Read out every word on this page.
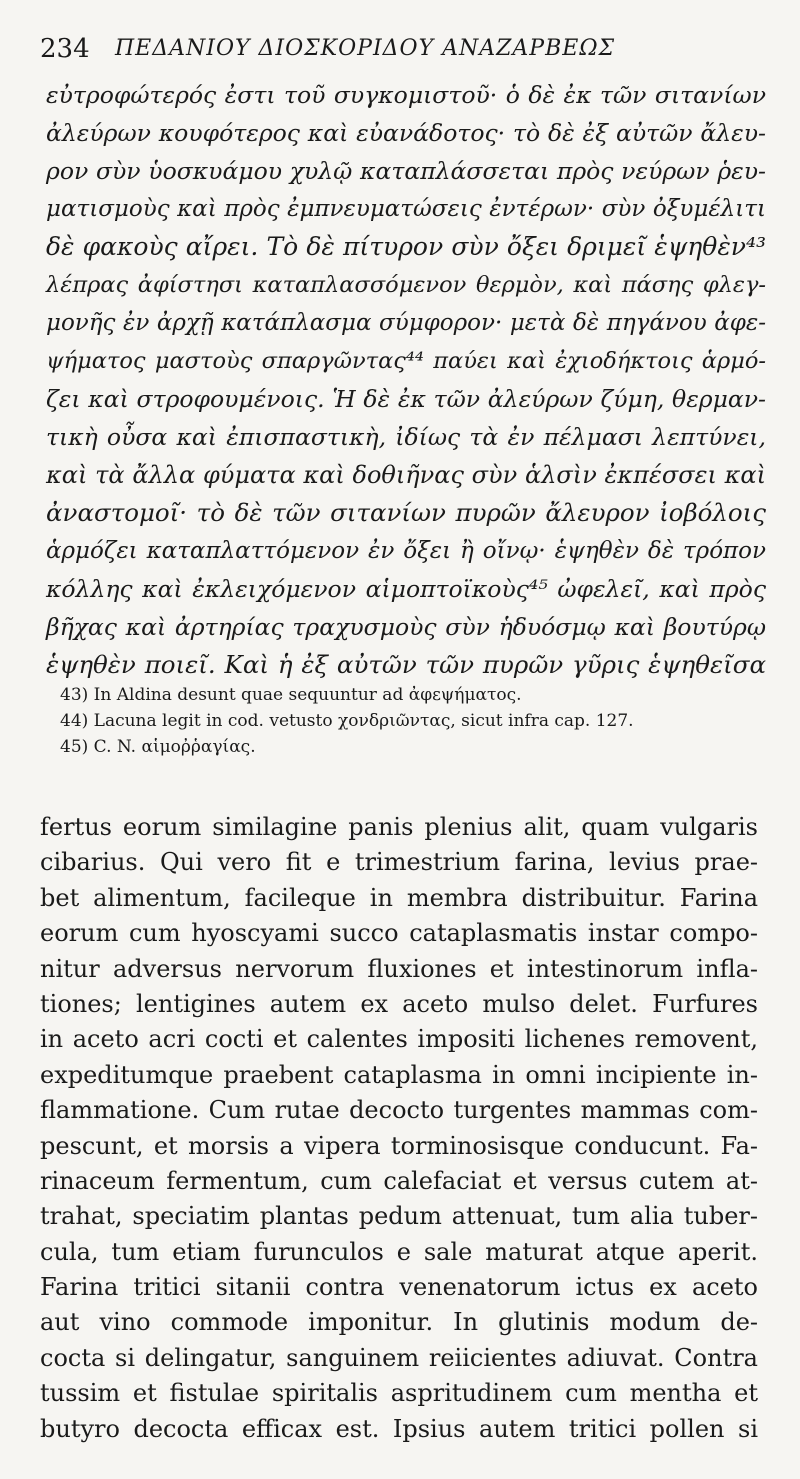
234 ΠΕΔΑΝΙΟΥ ΔΙΟΣΚΟΡΙΔΟΥ ΑΝΑΖΑΡΒΕΩΣ
εὐτροφώτερός ἐστι τοῦ συγκομιστοῦ· ὁ δὲ ἐκ τῶν σιτανίων
ἀλεύρων κουφότερος καὶ εὐανάδοτος· τὸ δὲ ἐξ αὐτῶν ἄλευ-
ρον σὺν ὑοσκυάμου χυλῷ καταπλάσσεται πρὸς νεύρων ῥευ-
ματισμοὺς καὶ πρὸς ἐμπνευματώσεις ἐντέρων· σὺν ὀξυμέλιτι
δὲ φακοὺς αἴρει. Τὸ δὲ πίτυρον σὺν ὄξει δριμεῖ ἑψηθὲν⁴³
λέπρας ἀφίστησι καταπλασσόμενον θερμὸν, καὶ πάσης φλεγ-
μονῆς ἐν ἀρχῇ κατάπλασμα σύμφορον· μετὰ δὲ πηγάνου ἀφε-
ψήματος μαστοὺς σπαργῶντας⁴⁴ παύει καὶ ἐχιοδήκτοις ἁρμό-
ζει καὶ στροφουμένοις. Ἡ δὲ ἐκ τῶν ἀλεύρων ζύμη, θερμαν-
τικὴ οὖσα καὶ ἐπισπαστικὴ, ἰδίως τὰ ἐν πέλμασι λεπτύνει,
καὶ τὰ ἄλλα φύματα καὶ δοθιῆνας σὺν ἁλσὶν ἐκπέσσει καὶ
ἀναστομοῖ· τὸ δὲ τῶν σιτανίων πυρῶν ἄλευρον ἰοβόλοις
ἁρμόζει καταπλαττόμενον ἐν ὄξει ἢ οἴνῳ· ἑψηθὲν δὲ τρόπον
κόλλης καὶ ἐκλειχόμενον αἱμοπτοϊκοὺς⁴⁵ ὠφελεῖ, καὶ πρὸς
βῆχας καὶ ἀρτηρίας τραχυσμοὺς σὺν ἡδυόσμῳ καὶ βουτύρῳ
ἑψηθὲν ποιεῖ. Καὶ ἡ ἐξ αὐτῶν τῶν πυρῶν γῦρις ἑψηθεῖσα
43) In Aldina desunt quae sequuntur ad ἀφεψήματος.
44) Lacuna legit in cod. vetusto χονδριῶντας, sicut infra cap. 127.
45) C. N. αἱμοῤῥαγίας.
fertus eorum similagine panis plenius alit, quam vulgaris
cibarius. Qui vero fit e trimestrium farina, levius prae-
bet alimentum, facileque in membra distribuitur. Farina
eorum cum hyoscyami succo cataplasmatis instar compo-
nitur adversus nervorum fluxiones et intestinorum infla-
tiones; lentigines autem ex aceto mulso delet. Furfures
in aceto acri cocti et calentes impositi lichenes removent,
expeditumque praebent cataplasma in omni incipiente in-
flammatione. Cum rutae decocto turgentes mammas com-
pescunt, et morsis a vipera torminosisque conducunt. Fa-
rinaceum fermentum, cum calefaciat et versus cutem at-
trahat, speciatim plantas pedum attenuat, tum alia tuber-
cula, tum etiam furunculos e sale maturat atque aperit.
Farina tritici sitanii contra venenatorum ictus ex aceto
aut vino commode imponitur. In glutinis modum de-
cocta si delingatur, sanguinem reiicientes adiuvat. Contra
tussim et fistulae spiritalis aspritudinem cum mentha et
butyro decocta efficax est. Ipsius autem tritici pollen si
